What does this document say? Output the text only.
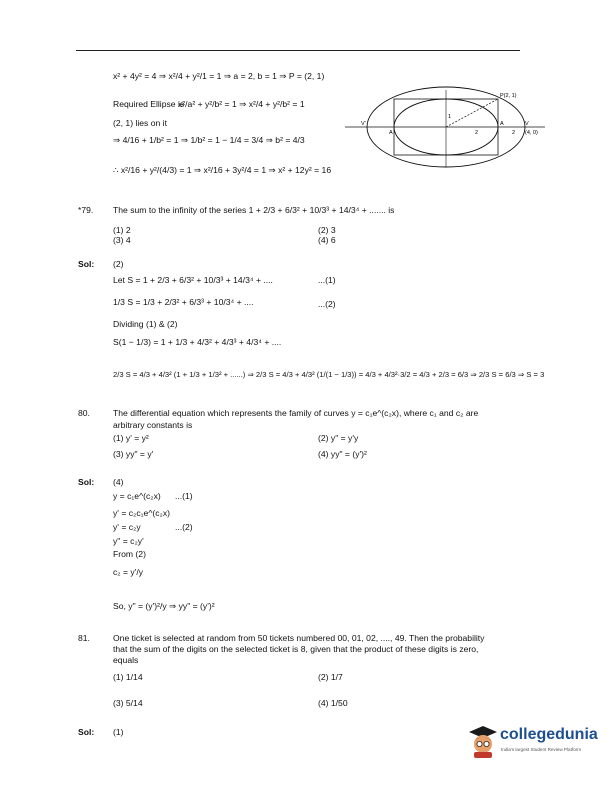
x² + 4y² = 4 ⇒ x²/4 + y²/1 = 1 ⇒ a = 2, b = 1 ⇒ P = (2, 1)
Required Ellipse is
x²/a² + y²/b² = 1 ⇒ x²/4 + y²/b² = 1
(2, 1) lies on it
⇒ 4/16 + 1/b² = 1 ⇒ 1/b² = 1 − 1/4 = 3/4 ⇒ b² = 4/3
∴ x²/16 + y²/(4/3) = 1 ⇒ x²/16 + 3y²/4 = 1 ⇒ x² + 12y² = 16
P(2, 1)
V'
A
1
2
A
2
V
(4, 0)
*79. The sum to the infinity of the series 1 + 2/3 + 6/3² + 10/3³ + 14/3⁴ + ....... is
(1) 2	(2) 3
(3) 4	(4) 6
Sol: (2)
Let S = 1 + 2/3 + 6/3² + 10/3³ + 14/3⁴ + ....	...(1)
1/3 S = 1/3 + 2/3² + 6/3³ + 10/3⁴ + ....	...(2)
Dividing (1) & (2)
S(1 − 1/3) = 1 + 1/3 + 4/3² + 4/3³ + 4/3⁴ + ....
2/3 S = 4/3 + 4/3² (1 + 1/3 + 1/3² + ......) ⇒ 2/3 S = 4/3 + 4/3² (1/(1 − 1/3)) = 4/3 + 4/3²·3/2 = 4/3 + 2/3 = 6/3 ⇒ 2/3 S = 6/3 ⇒ S = 3
80.	The differential equation which represents the family of curves y = c₁e^(c₂x), where c₁ and c₂ are
arbitrary constants is
(1) y' = y²	(2) y" = y'y
(3) yy" = y'	(4) yy" = (y')²
Sol: (4)
y = c₁e^(c₂x) ...(1)
y' = c₂c₁e^(c₂x)
y' = c₂y	...(2)
y" = c₂y'
From (2)
c₂ = y'/y
So, y" = (y')²/y ⇒ yy" = (y')²
81.	One ticket is selected at random from 50 tickets numbered 00, 01, 02, ...., 49. Then the probability
that the sum of the digits on the selected ticket is 8, given that the product of these digits is zero,
equals
(1) 1/14	(2) 1/7
(3) 5/14	(4) 1/50
Sol: (1)	collegedunia
India's largest Student Review Platform
